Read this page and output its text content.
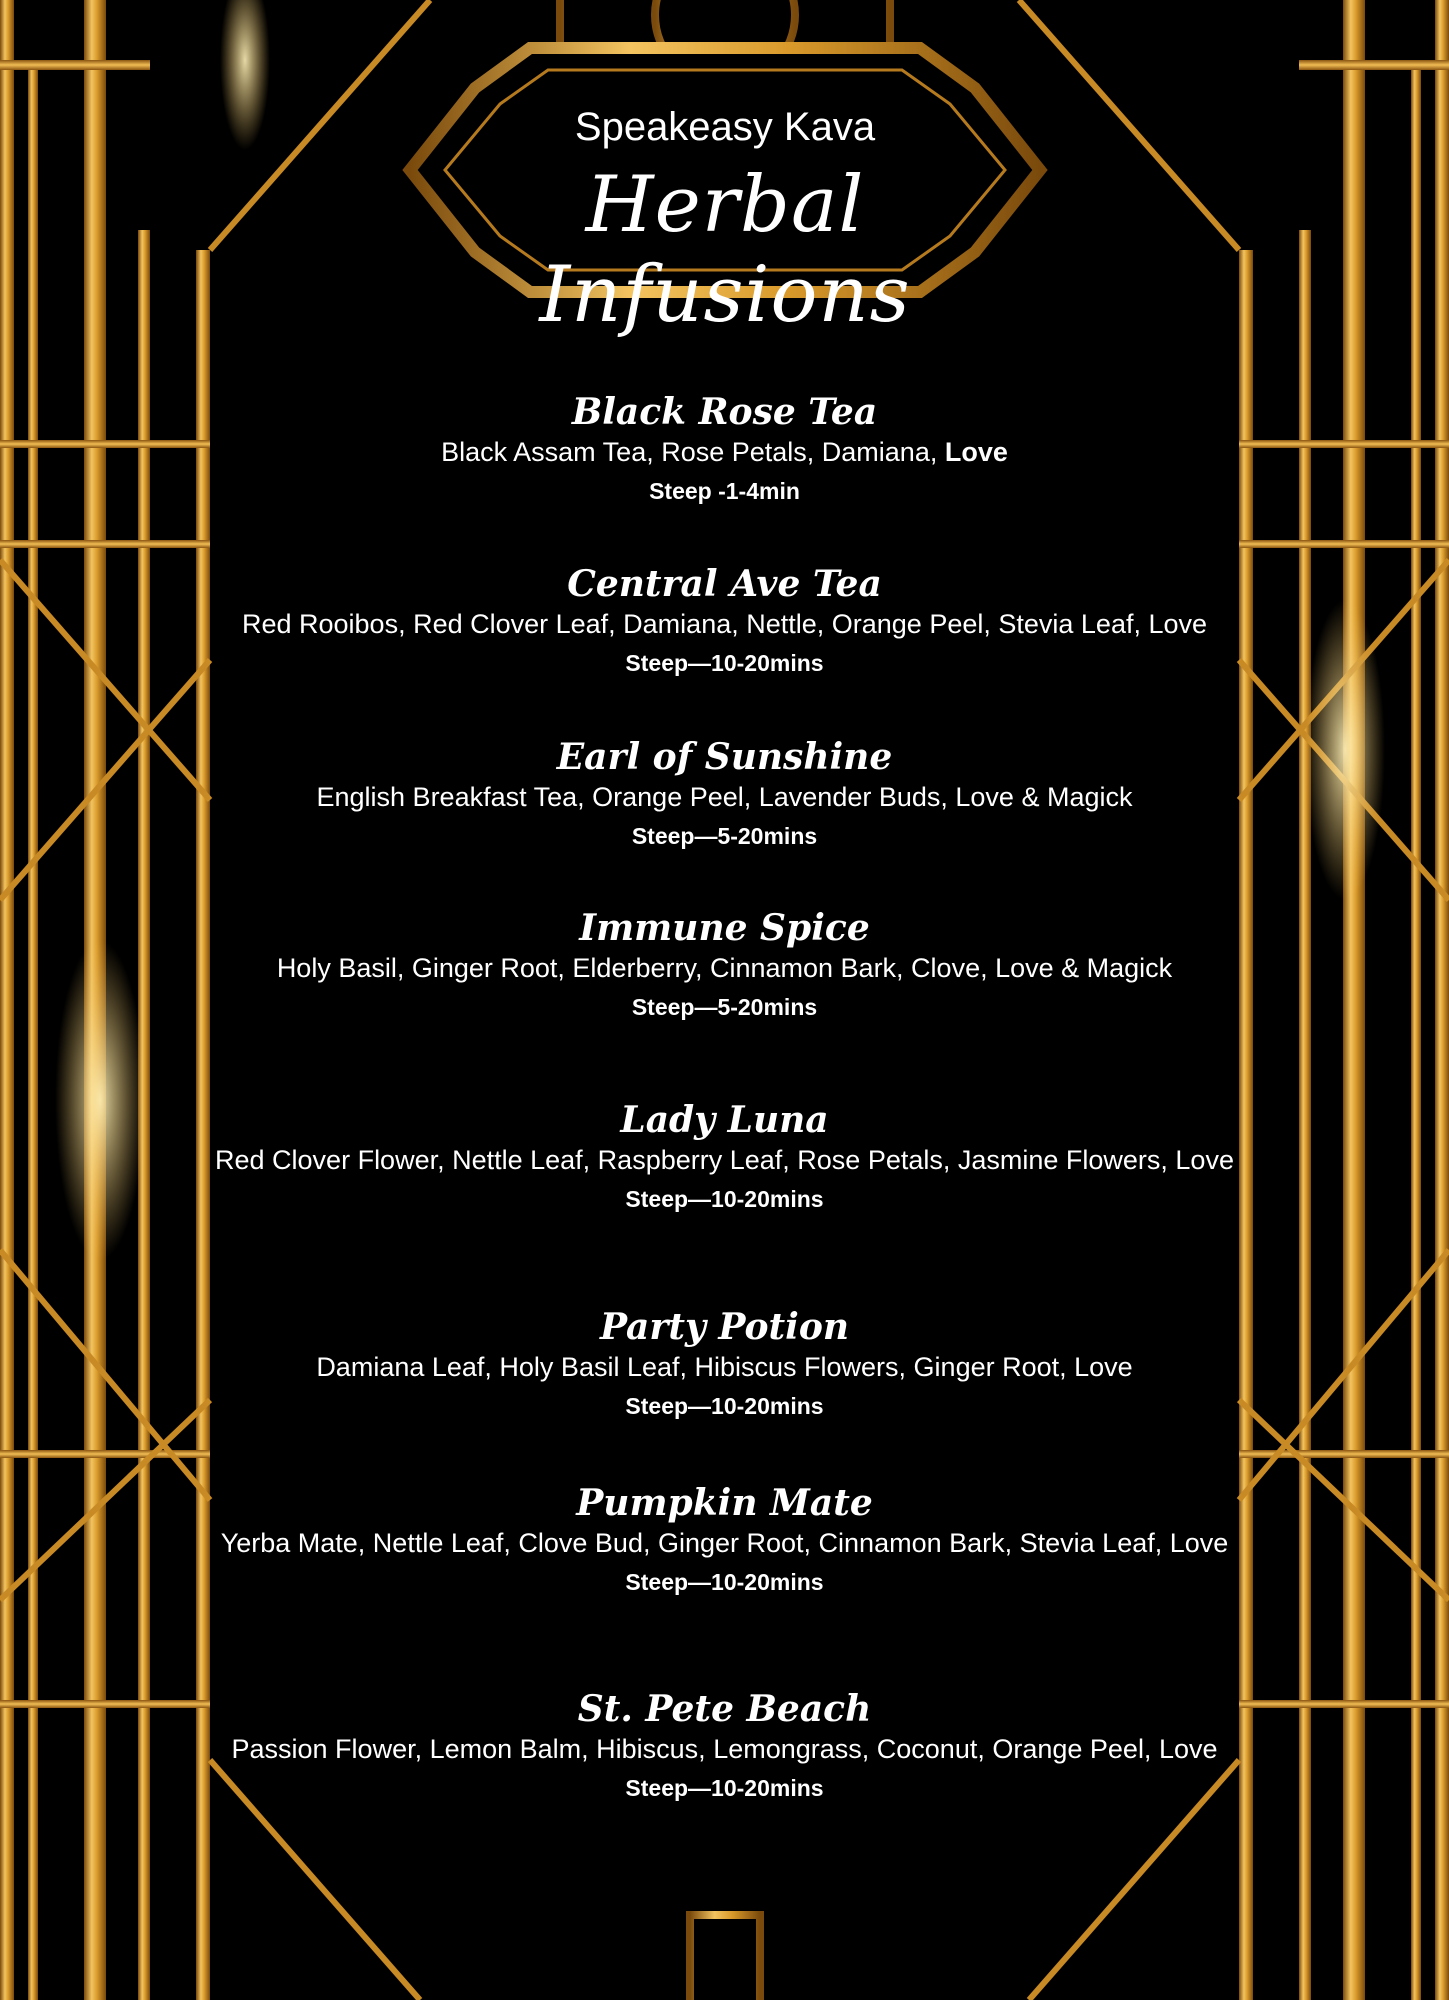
Speakeasy Kava
Herbal Infusions
Black Rose Tea
Black Assam Tea, Rose Petals, Damiana, Love
Steep -1-4min
Central Ave Tea
Red Rooibos, Red Clover Leaf, Damiana, Nettle, Orange Peel, Stevia Leaf, Love
Steep—10-20mins
Earl of Sunshine
English Breakfast Tea, Orange Peel, Lavender Buds, Love & Magick
Steep—5-20mins
Immune Spice
Holy Basil, Ginger Root, Elderberry, Cinnamon Bark, Clove, Love & Magick
Steep—5-20mins
Lady Luna
Red Clover Flower, Nettle Leaf, Raspberry Leaf, Rose Petals, Jasmine Flowers, Love
Steep—10-20mins
Party Potion
Damiana Leaf, Holy Basil Leaf, Hibiscus Flowers, Ginger Root, Love
Steep—10-20mins
Pumpkin Mate
Yerba Mate, Nettle Leaf, Clove Bud, Ginger Root, Cinnamon Bark, Stevia Leaf, Love
Steep—10-20mins
St. Pete Beach
Passion Flower, Lemon Balm, Hibiscus, Lemongrass, Coconut, Orange Peel, Love
Steep—10-20mins
